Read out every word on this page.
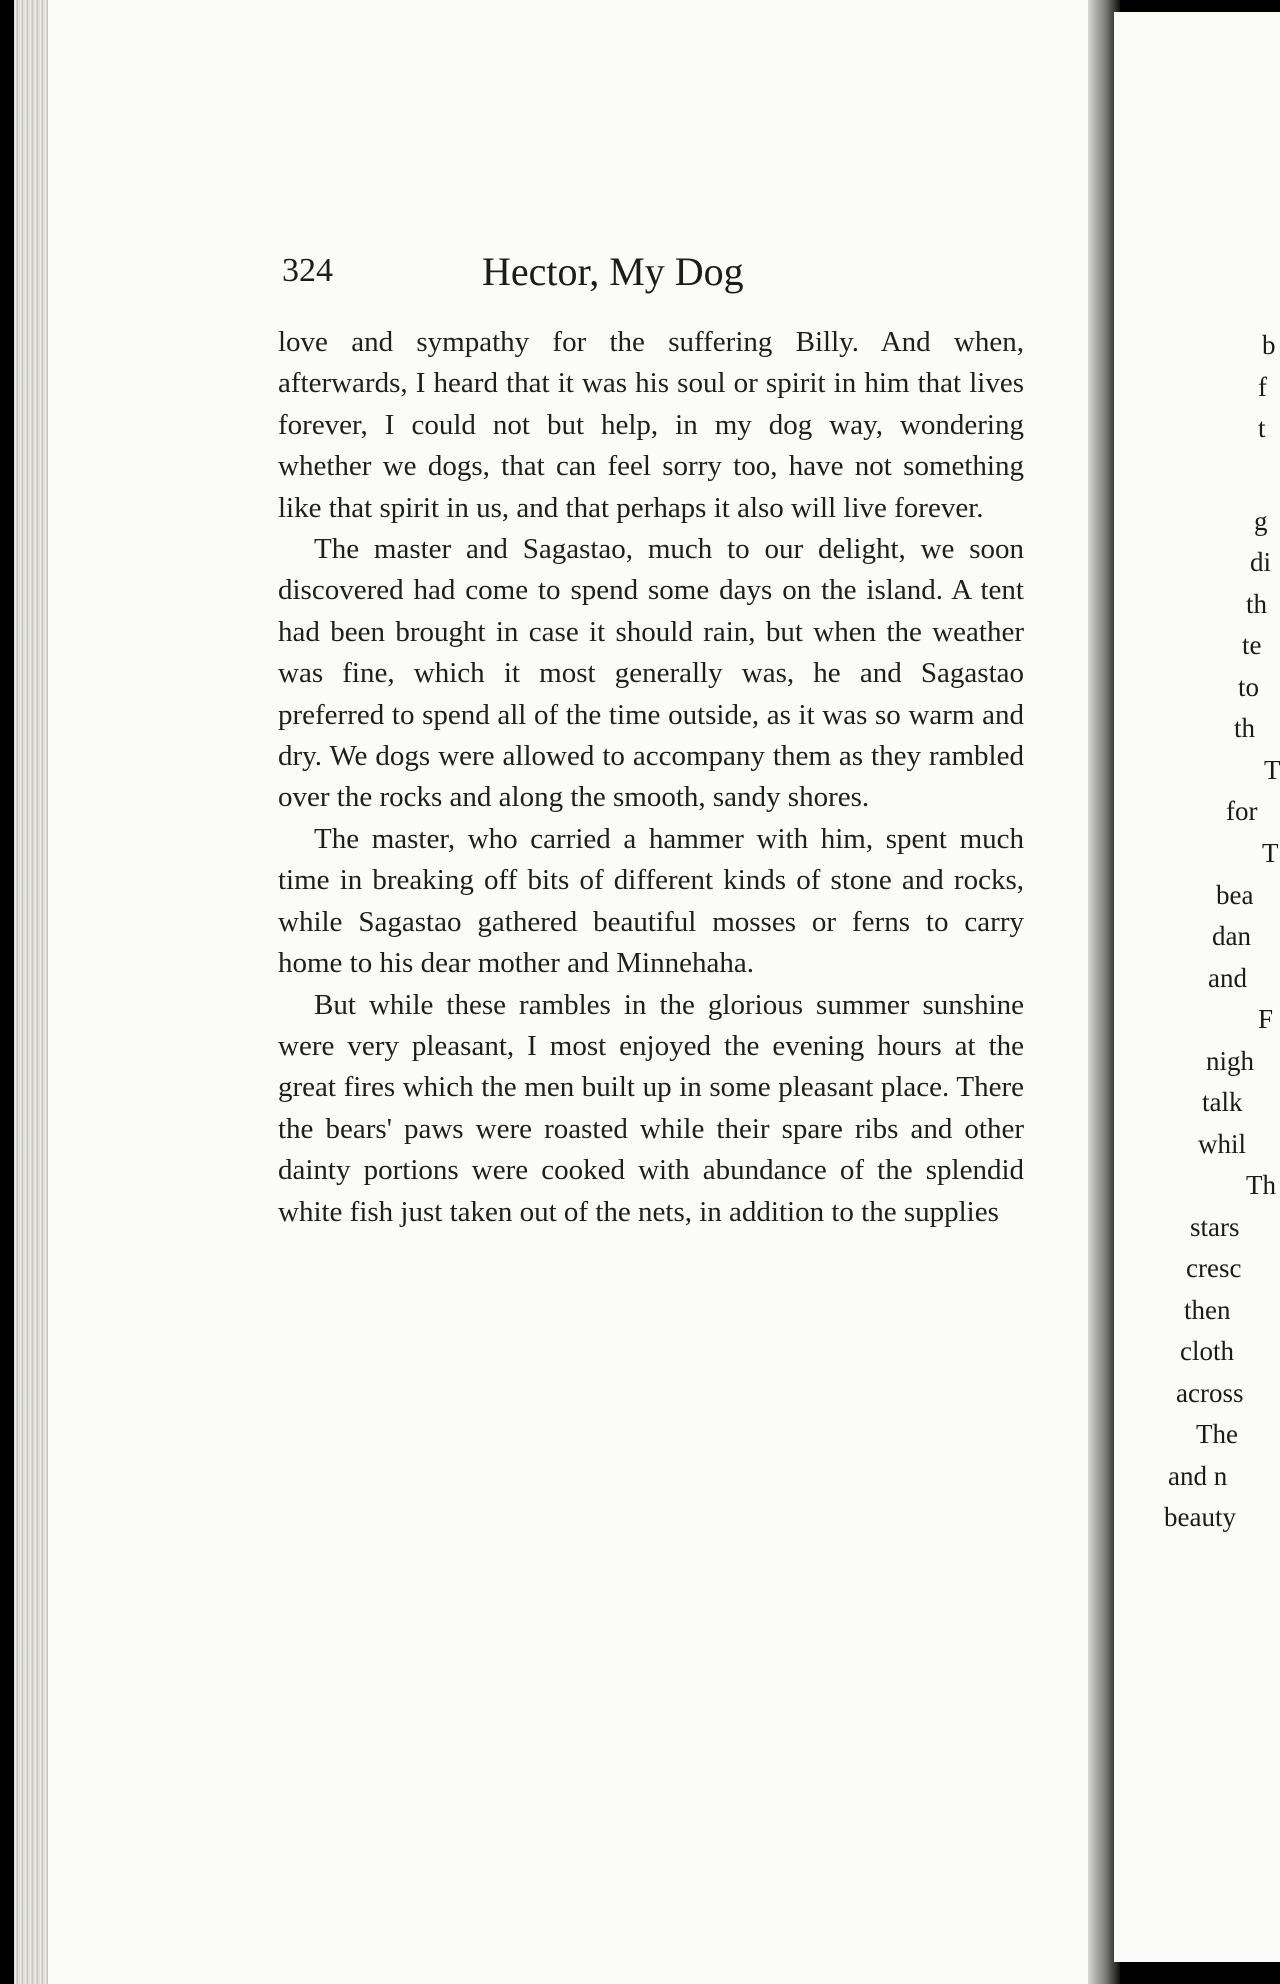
324	Hector, My Dog

love and sympathy for the suffering Billy. And when, afterwards, I heard that it was his soul or spirit in him that lives forever, I could not but help, in my dog way, wondering whether we dogs, that can feel sorry too, have not something like that spirit in us, and that perhaps it also will live forever.

The master and Sagastao, much to our delight, we soon discovered had come to spend some days on the island. A tent had been brought in case it should rain, but when the weather was fine, which it most generally was, he and Sagastao preferred to spend all of the time outside, as it was so warm and dry. We dogs were allowed to accompany them as they rambled over the rocks and along the smooth, sandy shores.

The master, who carried a hammer with him, spent much time in breaking off bits of different kinds of stone and rocks, while Sagastao gathered beautiful mosses or ferns to carry home to his dear mother and Minnehaha.

But while these rambles in the glorious summer sunshine were very pleasant, I most enjoyed the evening hours at the great fires which the men built up in some pleasant place. There the bears' paws were roasted while their spare ribs and other dainty portions were cooked with abundance of the splendid white fish just taken out of the nets, in addition to the supplies

b
f
t
g
di
th
te
to
th
T
for
T
bea
dan
and
F
nigh
talk
whil
Th
stars
cresc
then
cloth
across
The
and n
beauty
